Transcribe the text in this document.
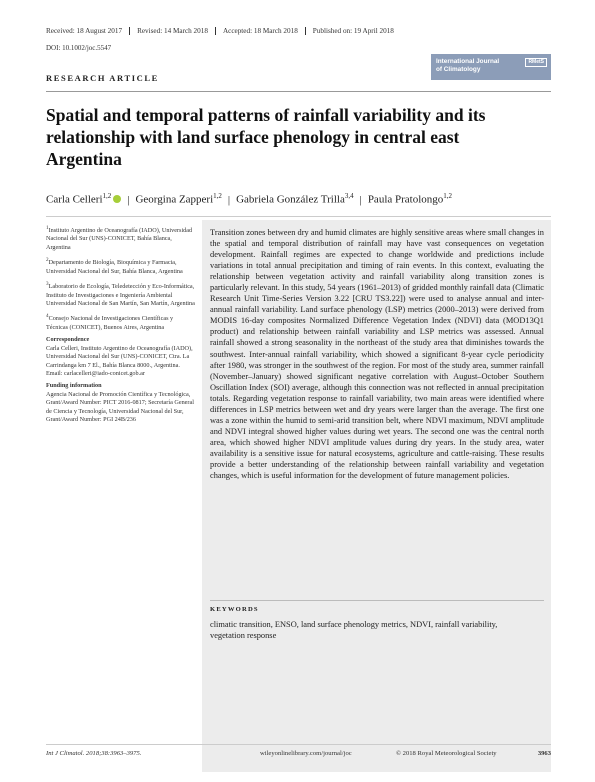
Received: 18 August 2017	Revised: 14 March 2018	Accepted: 18 March 2018	Published on: 19 April 2018
DOI: 10.1002/joc.5547
International Journal
of Climatology
RMetS
RESEARCH ARTICLE
Spatial and temporal patterns of rainfall variability and its relationship with land surface phenology in central east Argentina
Carla Celleri$^{1,2}$ | Georgina Zapperi$^{1,2}$ | Gabriela González Trilla$^{3,4}$ | Paula Pratolongo$^{1,2}$

$^1$Instituto Argentino de Oceanografía (IADO), Universidad Nacional del Sur (UNS)-CONICET, Bahía Blanca, Argentina

$^2$Departamento de Biología, Bioquímica y Farmacia, Universidad Nacional del Sur, Bahía Blanca, Argentina

$^3$Laboratorio de Ecología, Teledetección y Eco-Informática, Instituto de Investigaciones e Ingeniería Ambiental Universidad Nacional de San Martín, San Martín, Argentina

$^4$Consejo Nacional de Investigaciones Científicas y Técnicas (CONICET), Buenos Aires, Argentina

Correspondence

Carla Celleri, Instituto Argentino de Oceanografía (IADO), Universidad Nacional del Sur (UNS)-CONICET, Ctra. La Carrindanga km 7 El., Bahía Blanca 8000., Argentina.
Email: carlacelleri@iado-conicet.gob.ar

Funding information

Agencia Nacional de Promoción Científica y Tecnológica, Grant/Award Number: PICT 2016-0817; Secretaría General de Ciencia y Tecnología, Universidad Nacional del Sur, Grant/Award Number: PGI 24B/236

Transition zones between dry and humid climates are highly sensitive areas where small changes in the spatial and temporal distribution of rainfall may have vast consequences on vegetation development. Rainfall regimes are expected to change worldwide and predictions include variations in total annual precipitation and timing of rain events. In this context, evaluating the relationship between vegetation activity and rainfall variability along transition zones is particularly relevant. In this study, 54 years (1961–2013) of gridded monthly rainfall data (Climatic Research Unit Time-Series Version 3.22 [CRU TS3.22]) were used to analyse annual and inter-annual rainfall variability. Land surface phenology (LSP) metrics (2000–2013) were derived from MODIS 16-day composites Normalized Difference Vegetation Index (NDVI) data (MOD13Q1 product) and relationship between rainfall variability and LSP metrics was assessed. Annual rainfall showed a strong seasonality in the northeast of the study area that diminishes towards the southwest. Inter-annual rainfall variability, which showed a significant 8-year cycle periodicity after 1980, was stronger in the southwest of the region. For most of the study area, summer rainfall (November–January) showed significant negative correlation with August–October Southern Oscillation Index (SOI) average, although this connection was not reflected in annual precipitation totals. Regarding vegetation response to rainfall variability, two main areas were identified where differences in LSP metrics between wet and dry years were larger than the average. The first one was a zone within the humid to semi-arid transition belt, where NDVI maximum, NDVI amplitude and NDVI integral showed higher values during wet years. The second one was the central north area, which showed higher NDVI amplitude values during dry years. In the study area, water availability is a sensitive issue for natural ecosystems, agriculture and cattle-raising. These results provide a better understanding of the relationship between rainfall variability and vegetation changes, which is useful information for the development of future management policies.

KEYWORDS

climatic transition, ENSO, land surface phenology metrics, NDVI, rainfall variability, vegetation response

Int J Climatol. 2018;38:3963–3975.	wileyonlinelibrary.com/journal/joc	© 2018 Royal Meteorological Society	3963
